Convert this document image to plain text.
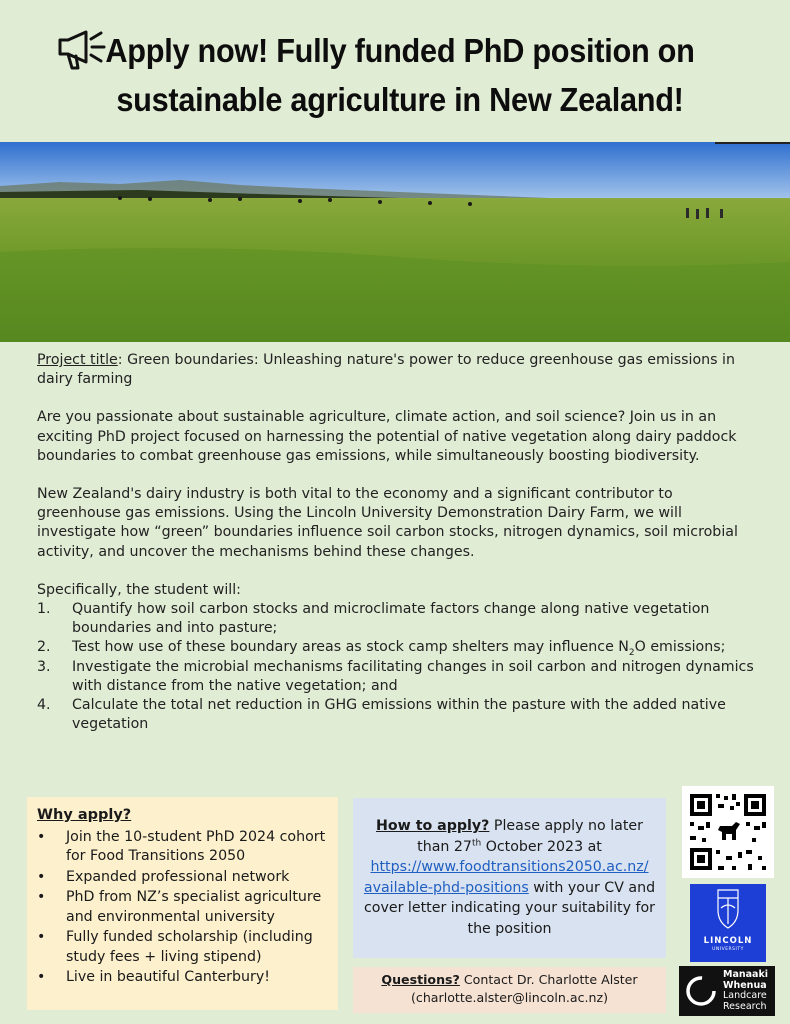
Apply now! Fully funded PhD position on sustainable agriculture in New Zealand!

Project title: Green boundaries: Unleashing nature's power to reduce greenhouse gas emissions in dairy farming

Are you passionate about sustainable agriculture, climate action, and soil science? Join us in an exciting PhD project focused on harnessing the potential of native vegetation along dairy paddock boundaries to combat greenhouse gas emissions, while simultaneously boosting biodiversity.

New Zealand's dairy industry is both vital to the economy and a significant contributor to greenhouse gas emissions. Using the Lincoln University Demonstration Dairy Farm, we will investigate how “green” boundaries influence soil carbon stocks, nitrogen dynamics, soil microbial activity, and uncover the mechanisms behind these changes.

Specifically, the student will:
1. Quantify how soil carbon stocks and microclimate factors change along native vegetation boundaries and into pasture;
2. Test how use of these boundary areas as stock camp shelters may influence $N_2O$ emissions;
3. Investigate the microbial mechanisms facilitating changes in soil carbon and nitrogen dynamics with distance from the native vegetation; and
4. Calculate the total net reduction in GHG emissions within the pasture with the added native vegetation
Why apply?
• Join the 10-student PhD 2024 cohort for Food Transitions 2050
• Expanded professional network
• PhD from NZ’s specialist agriculture and environmental university
• Fully funded scholarship (including study fees + living stipend)
• Live in beautiful Canterbury!
How to apply? Please apply no later than 27th October 2023 at
https://www.foodtransitions2050.ac.nz/
available-phd-positions with your CV and cover letter indicating your suitability for the position
Questions? Contact Dr. Charlotte Alster
(charlotte.alster@lincoln.ac.nz)
LINCOLN
UNIVERSITY
Manaaki
Whenua
Landcare
Research
